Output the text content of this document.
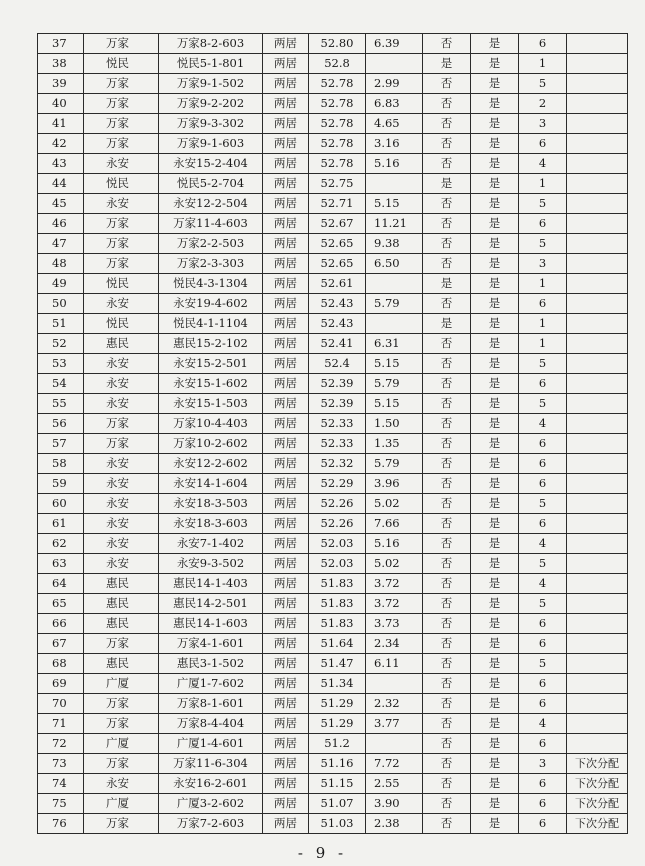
37	万家	万家8-2-603	两居	52.80	6.39	否	是	6	
38	悦民	悦民5-1-801	两居	52.8		是	是	1	
39	万家	万家9-1-502	两居	52.78	2.99	否	是	5	
40	万家	万家9-2-202	两居	52.78	6.83	否	是	2	
41	万家	万家9-3-302	两居	52.78	4.65	否	是	3	
42	万家	万家9-1-603	两居	52.78	3.16	否	是	6	
43	永安	永安15-2-404	两居	52.78	5.16	否	是	4	
44	悦民	悦民5-2-704	两居	52.75		是	是	1	
45	永安	永安12-2-504	两居	52.71	5.15	否	是	5	
46	万家	万家11-4-603	两居	52.67	11.21	否	是	6	
47	万家	万家2-2-503	两居	52.65	9.38	否	是	5	
48	万家	万家2-3-303	两居	52.65	6.50	否	是	3	
49	悦民	悦民4-3-1304	两居	52.61		是	是	1	
50	永安	永安19-4-602	两居	52.43	5.79	否	是	6	
51	悦民	悦民4-1-1104	两居	52.43		是	是	1	
52	惠民	惠民15-2-102	两居	52.41	6.31	否	是	1	
53	永安	永安15-2-501	两居	52.4	5.15	否	是	5	
54	永安	永安15-1-602	两居	52.39	5.79	否	是	6	
55	永安	永安15-1-503	两居	52.39	5.15	否	是	5	
56	万家	万家10-4-403	两居	52.33	1.50	否	是	4	
57	万家	万家10-2-602	两居	52.33	1.35	否	是	6	
58	永安	永安12-2-602	两居	52.32	5.79	否	是	6	
59	永安	永安14-1-604	两居	52.29	3.96	否	是	6	
60	永安	永安18-3-503	两居	52.26	5.02	否	是	5	
61	永安	永安18-3-603	两居	52.26	7.66	否	是	6	
62	永安	永安7-1-402	两居	52.03	5.16	否	是	4	
63	永安	永安9-3-502	两居	52.03	5.02	否	是	5	
64	惠民	惠民14-1-403	两居	51.83	3.72	否	是	4	
65	惠民	惠民14-2-501	两居	51.83	3.72	否	是	5	
66	惠民	惠民14-1-603	两居	51.83	3.73	否	是	6	
67	万家	万家4-1-601	两居	51.64	2.34	否	是	6	
68	惠民	惠民3-1-502	两居	51.47	6.11	否	是	5	
69	广厦	广厦1-7-602	两居	51.34		否	是	6	
70	万家	万家8-1-601	两居	51.29	2.32	否	是	6	
71	万家	万家8-4-404	两居	51.29	3.77	否	是	4	
72	广厦	广厦1-4-601	两居	51.2		否	是	6	
73	万家	万家11-6-304	两居	51.16	7.72	否	是	3	下次分配
74	永安	永安16-2-601	两居	51.15	2.55	否	是	6	下次分配
75	广厦	广厦3-2-602	两居	51.07	3.90	否	是	6	下次分配
76	万家	万家7-2-603	两居	51.03	2.38	否	是	6	下次分配
- 9 -
